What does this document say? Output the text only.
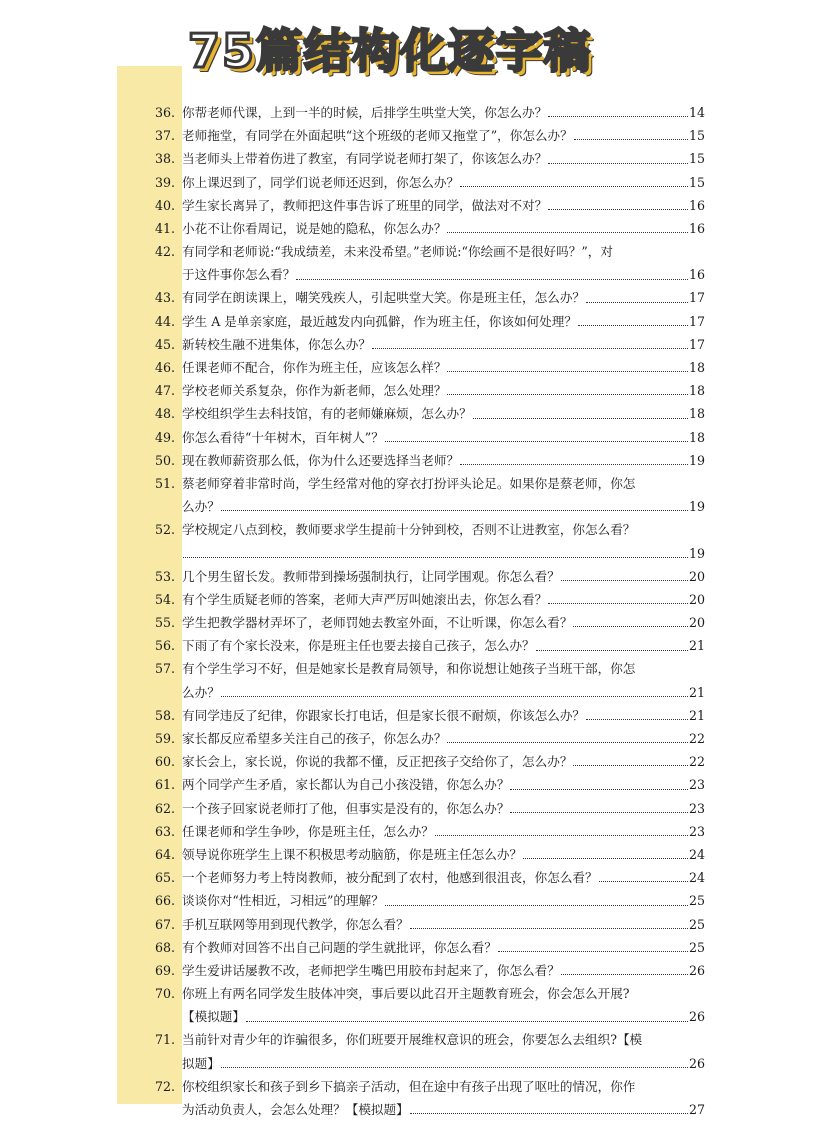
75篇结构化逐字稿
36. 你帮老师代课，上到一半的时候，后排学生哄堂大笑，你怎么办？	14
37. 老师拖堂，有同学在外面起哄“这个班级的老师又拖堂了”，你怎么办？	15
38. 当老师头上带着伤进了教室，有同学说老师打架了，你该怎么办？	15
39. 你上课迟到了，同学们说老师还迟到，你怎么办？	15
40. 学生家长离异了，教师把这件事告诉了班里的同学，做法对不对？	16
41. 小花不让你看周记，说是她的隐私，你怎么办？	16
42. 有同学和老师说:“我成绩差，未来没希望。”老师说:“你绘画不是很好吗？”，对
于这件事你怎么看？	16
43. 有同学在朗读课上，嘲笑残疾人，引起哄堂大笑。你是班主任，怎么办？	17
44. 学生 A 是单亲家庭，最近越发内向孤僻，作为班主任，你该如何处理？	17
45. 新转校生融不进集体，你怎么办？	17
46. 任课老师不配合，你作为班主任，应该怎么样？	18
47. 学校老师关系复杂，你作为新老师，怎么处理？	18
48. 学校组织学生去科技馆，有的老师嫌麻烦，怎么办？	18
49. 你怎么看待“十年树木，百年树人”？	18
50. 现在教师薪资那么低，你为什么还要选择当老师？	19
51. 蔡老师穿着非常时尚，学生经常对他的穿衣打扮评头论足。如果你是蔡老师，你怎
么办？	19
52. 学校规定八点到校，教师要求学生提前十分钟到校，否则不让进教室，你怎么看？
19
53. 几个男生留长发。教师带到操场强制执行，让同学围观。你怎么看？	20
54. 有个学生质疑老师的答案，老师大声严厉叫她滚出去，你怎么看？	20
55. 学生把教学器材弄坏了，老师罚她去教室外面，不让听课，你怎么看？	20
56. 下雨了有个家长没来，你是班主任也要去接自己孩子，怎么办？	21
57. 有个学生学习不好，但是她家长是教育局领导，和你说想让她孩子当班干部，你怎
么办？	21
58. 有同学违反了纪律，你跟家长打电话，但是家长很不耐烦，你该怎么办？	21
59. 家长都反应希望多关注自己的孩子，你怎么办？	22
60. 家长会上，家长说，你说的我都不懂，反正把孩子交给你了，怎么办？	22
61. 两个同学产生矛盾，家长都认为自己小孩没错，你怎么办？	23
62. 一个孩子回家说老师打了他，但事实是没有的，你怎么办？	23
63. 任课老师和学生争吵，你是班主任，怎么办？	23
64. 领导说你班学生上课不积极思考动脑筋，你是班主任怎么办？	24
65. 一个老师努力考上特岗教师，被分配到了农村，他感到很沮丧，你怎么看？	24
66. 谈谈你对“性相近，习相远”的理解？	25
67. 手机互联网等用到现代教学，你怎么看？	25
68. 有个教师对回答不出自己问题的学生就批评，你怎么看？	25
69. 学生爱讲话屡教不改，老师把学生嘴巴用胶布封起来了，你怎么看？	26
70. 你班上有两名同学发生肢体冲突，事后要以此召开主题教育班会，你会怎么开展?
【模拟题】	26
71. 当前针对青少年的诈骗很多，你们班要开展维权意识的班会，你要怎么去组织?【模
拟题】	26
72. 你校组织家长和孩子到乡下搞亲子活动，但在途中有孩子出现了呕吐的情况，你作
为活动负责人，会怎么处理？【模拟题】	27
